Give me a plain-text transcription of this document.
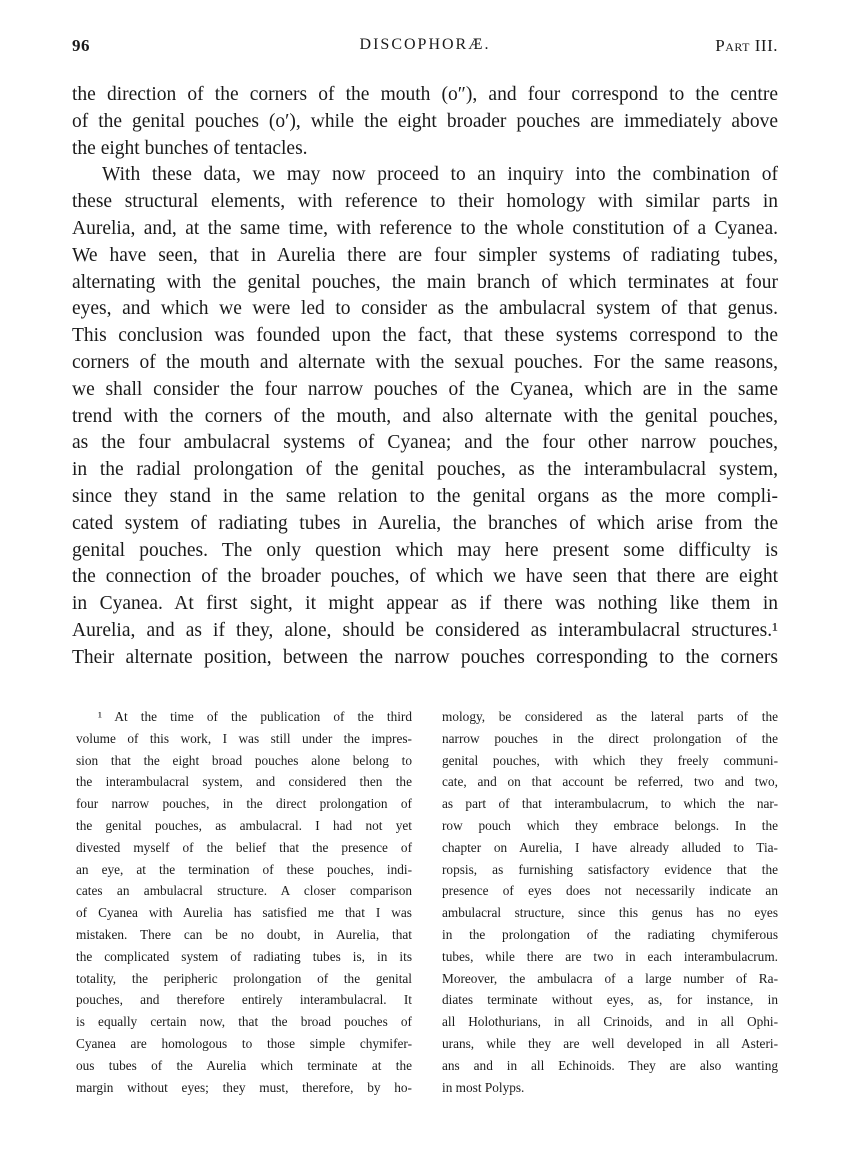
96	DISCOPHORÆ.	Part III.
the direction of the corners of the mouth (o″), and four correspond to the centre
of the genital pouches (o′), while the eight broader pouches are immediately above
the eight bunches of tentacles.
With these data, we may now proceed to an inquiry into the combination of
these structural elements, with reference to their homology with similar parts in
Aurelia, and, at the same time, with reference to the whole constitution of a Cyanea.
We have seen, that in Aurelia there are four simpler systems of radiating tubes,
alternating with the genital pouches, the main branch of which terminates at four
eyes, and which we were led to consider as the ambulacral system of that genus.
This conclusion was founded upon the fact, that these systems correspond to the
corners of the mouth and alternate with the sexual pouches. For the same reasons,
we shall consider the four narrow pouches of the Cyanea, which are in the same
trend with the corners of the mouth, and also alternate with the genital pouches,
as the four ambulacral systems of Cyanea; and the four other narrow pouches,
in the radial prolongation of the genital pouches, as the interambulacral system,
since they stand in the same relation to the genital organs as the more compli-
cated system of radiating tubes in Aurelia, the branches of which arise from the
genital pouches. The only question which may here present some difficulty is
the connection of the broader pouches, of which we have seen that there are eight
in Cyanea. At first sight, it might appear as if there was nothing like them in
Aurelia, and as if they, alone, should be considered as interambulacral structures.¹
Their alternate position, between the narrow pouches corresponding to the corners
¹ At the time of the publication of the third
volume of this work, I was still under the impres-
sion that the eight broad pouches alone belong to
the interambulacral system, and considered then the
four narrow pouches, in the direct prolongation of
the genital pouches, as ambulacral. I had not yet
divested myself of the belief that the presence of
an eye, at the termination of these pouches, indi-
cates an ambulacral structure. A closer comparison
of Cyanea with Aurelia has satisfied me that I was
mistaken. There can be no doubt, in Aurelia, that
the complicated system of radiating tubes is, in its
totality, the peripheric prolongation of the genital
pouches, and therefore entirely interambulacral. It
is equally certain now, that the broad pouches of
Cyanea are homologous to those simple chymifer-
ous tubes of the Aurelia which terminate at the
margin without eyes; they must, therefore, by ho-
mology, be considered as the lateral parts of the
narrow pouches in the direct prolongation of the
genital pouches, with which they freely communi-
cate, and on that account be referred, two and two,
as part of that interambulacrum, to which the nar-
row pouch which they embrace belongs. In the
chapter on Aurelia, I have already alluded to Tia-
ropsis, as furnishing satisfactory evidence that the
presence of eyes does not necessarily indicate an
ambulacral structure, since this genus has no eyes
in the prolongation of the radiating chymiferous
tubes, while there are two in each interambulacrum.
Moreover, the ambulacra of a large number of Ra-
diates terminate without eyes, as, for instance, in
all Holothurians, in all Crinoids, and in all Ophi-
urans, while they are well developed in all Asteri-
ans and in all Echinoids. They are also wanting
in most Polyps.
